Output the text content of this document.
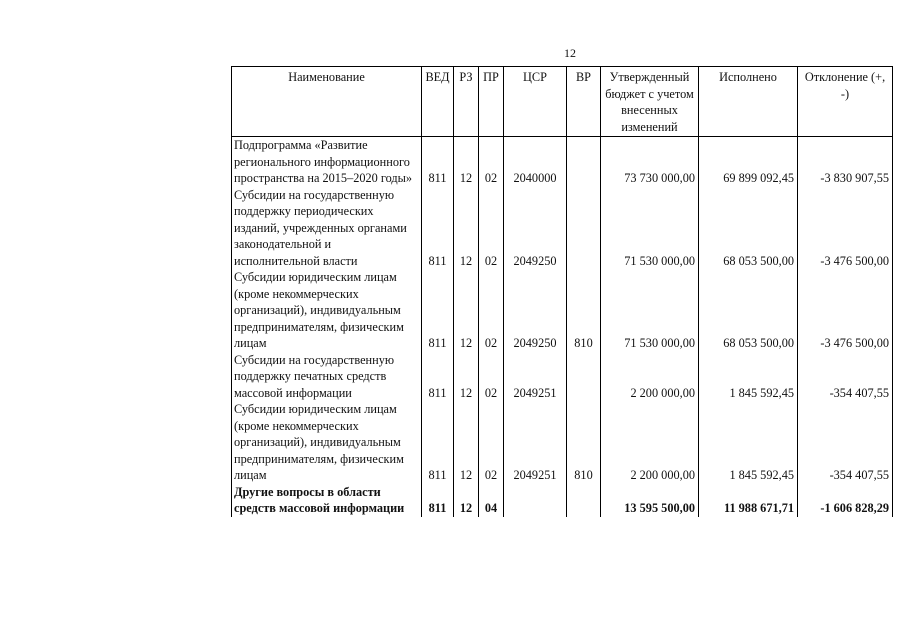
12
Наименование	ВЕД	РЗ	ПР	ЦСР	ВР	Утвержденный бюджет с учетом внесенных изменений	Исполнено	Отклонение (+, -)
Подпрограмма «Развитие регионального информационного пространства на 2015–2020 годы»	811	12	02	2040000		73 730 000,00	69 899 092,45	-3 830 907,55
Субсидии на государственную поддержку периодических изданий, учрежденных органами законодательной и исполнительной власти	811	12	02	2049250		71 530 000,00	68 053 500,00	-3 476 500,00
Субсидии юридическим лицам (кроме некоммерческих организаций), индивидуальным предпринимателям, физическим лицам	811	12	02	2049250	810	71 530 000,00	68 053 500,00	-3 476 500,00
Субсидии на государственную поддержку печатных средств массовой информации	811	12	02	2049251		2 200 000,00	1 845 592,45	-354 407,55
Субсидии юридическим лицам (кроме некоммерческих организаций), индивидуальным предпринимателям, физическим лицам	811	12	02	2049251	810	2 200 000,00	1 845 592,45	-354 407,55
Другие вопросы в области средств массовой информации	811	12	04			13 595 500,00	11 988 671,71	-1 606 828,29
